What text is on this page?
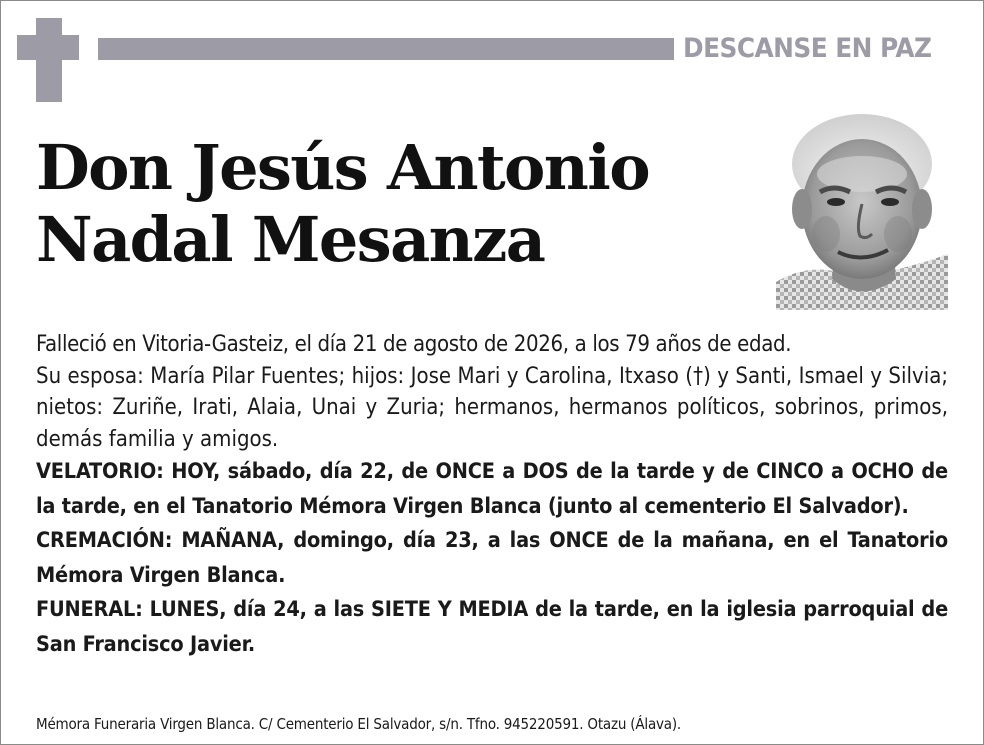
DESCANSE EN PAZ
Don Jesús Antonio
Nadal Mesanza

Falleció en Vitoria-Gasteiz, el día 21 de agosto de 2026, a los 79 años de edad.

Su esposa: María Pilar Fuentes; hijos: Jose Mari y Carolina, Itxaso (†) y Santi, Ismael y Silvia; nietos: Zuriñe, Irati, Alaia, Unai y Zuria; hermanos, hermanos políticos, sobrinos, primos, demás familia y amigos.

VELATORIO: HOY, sábado, día 22, de ONCE a DOS de la tarde y de CINCO a OCHO de la tarde, en el Tanatorio Mémora Virgen Blanca (junto al cementerio El Salvador).

CREMACIÓN: MAÑANA, domingo, día 23, a las ONCE de la mañana, en el Tanatorio Mémora Virgen Blanca.

FUNERAL: LUNES, día 24, a las SIETE Y MEDIA de la tarde, en la iglesia parroquial de San Francisco Javier.

Mémora Funeraria Virgen Blanca. C/ Cementerio El Salvador, s/n. Tfno. 945220591. Otazu (Álava).
